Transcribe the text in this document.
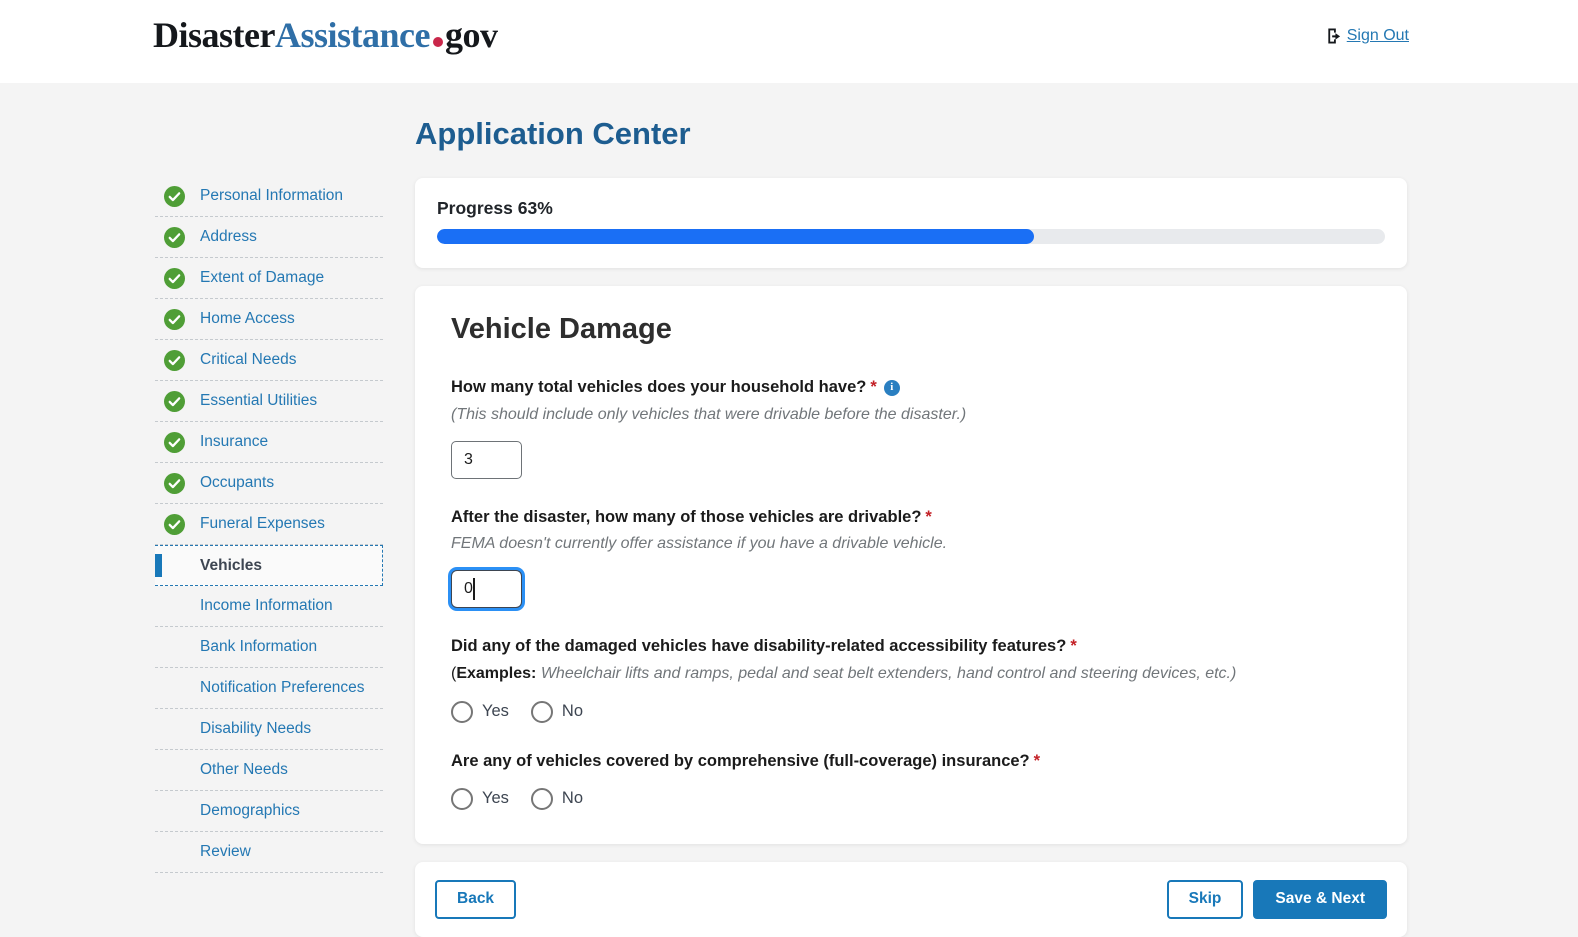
Disaster Assistance gov	Sign Out
Personal Information
Address
Extent of Damage
Home Access
Critical Needs
Essential Utilities
Insurance
Occupants
Funeral Expenses
Vehicles
Income Information
Bank Information
Notification Preferences
Disability Needs
Other Needs
Demographics
Review
Application Center
Progress 63%
Vehicle Damage
How many total vehicles does your household have? * i
(This should include only vehicles that were drivable before the disaster.)
3
After the disaster, how many of those vehicles are drivable? *
FEMA doesn't currently offer assistance if you have a drivable vehicle.
0
Did any of the damaged vehicles have disability-related accessibility features? *
(Examples: Wheelchair lifts and ramps, pedal and seat belt extenders, hand control and steering devices, etc.)
Yes	No
Are any of vehicles covered by comprehensive (full-coverage) insurance? *
Yes	No
Back	Skip	Save & Next
